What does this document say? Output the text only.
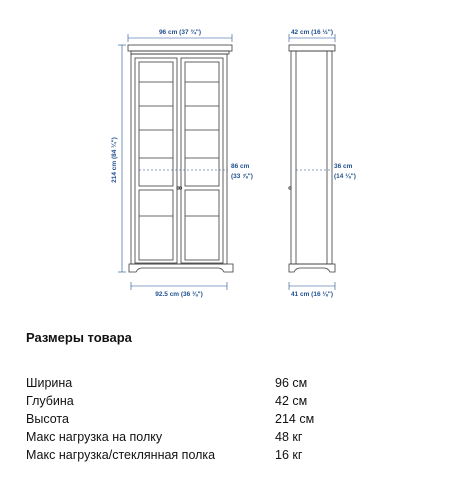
96 cm (37 ¾")
214 cm (84 ¼")	86 cm
(33 ⅞")
92.5 cm (36 ⅜")
42 cm (16 ½")
36 cm
(14 ⅛")
41 cm (16 ⅛")
Размеры товара
Ширина	96 см
Глубина	42 см
Высота	214 см
Макс нагрузка на полку	48 кг
Макс нагрузка/стеклянная полка	16 кг
